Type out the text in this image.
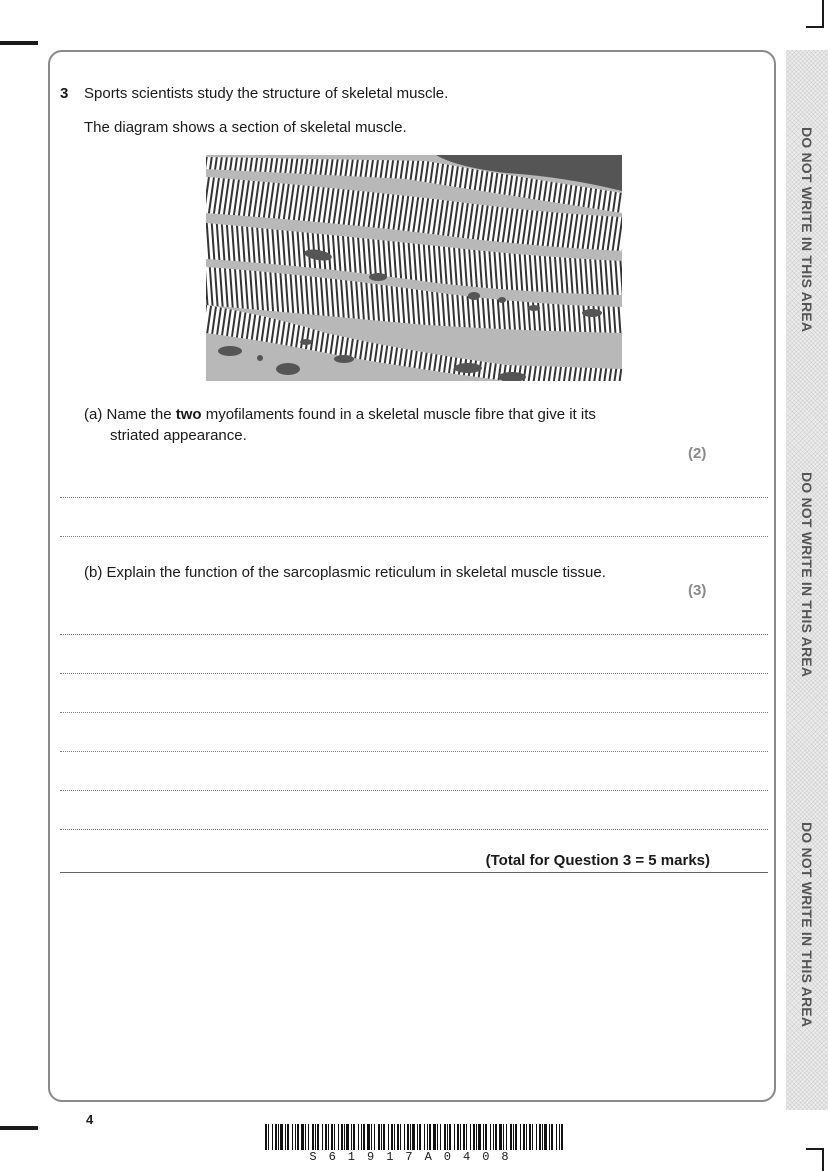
DO NOT WRITE IN THIS AREA
DO NOT WRITE IN THIS AREA
DO NOT WRITE IN THIS AREA
3 Sports scientists study the structure of skeletal muscle.
The diagram shows a section of skeletal muscle.
(a) Name the two myofilaments found in a skeletal muscle fibre that give it its
striated appearance.
(2)
(b) Explain the function of the sarcoplasmic reticulum in skeletal muscle tissue.
(3)
(Total for Question 3 = 5 marks)
4
S61917A0408
